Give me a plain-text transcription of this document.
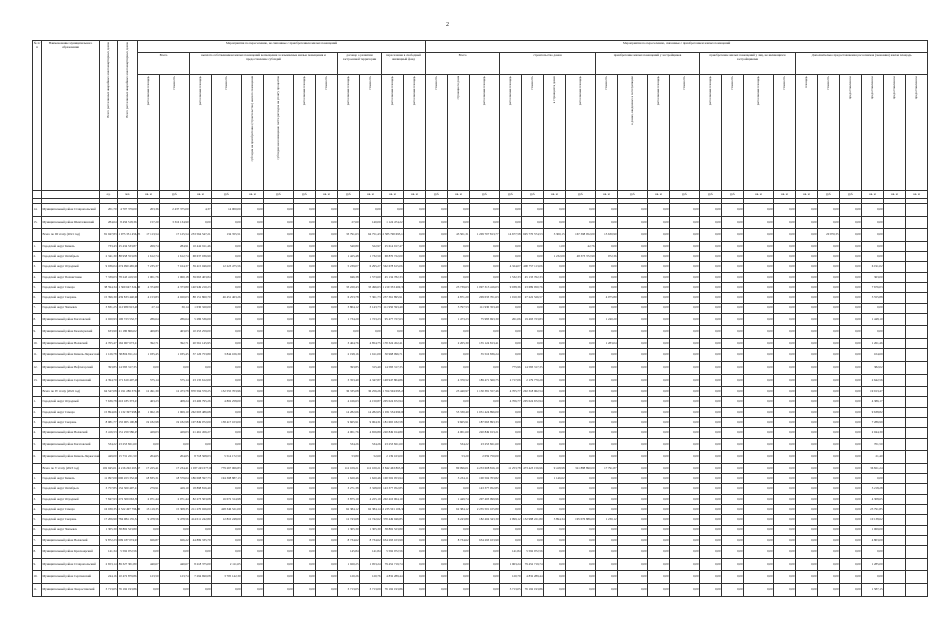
2
№ п/п	Наименование муниципального образования	Всего расселяемых аварийных многоквартирных домов	Всего расселяемых аварийных многоквартирных домов	Мероприятия по переселению, не связанные с приобретением жилых помещений												Мероприятия по переселению, связанные с приобретением жилых помещений																				
				Всего		выплата собственникам жилых помещений возмещения за изымаемые жилые помещения и предоставление субсидий						договор о развитии застроенной территории		переселение в свободный жилищный фонд		Всего			строительство домов				приобретение жилых помещений у застройщиков				приобретение жилых помещений у лиц, не являющихся застройщиками				Дополнительно предоставляемая расселяемая (экономия) жилая площадь					
				расселяемая площадь	стоимость	расселяемая площадь	стоимость	субсидия на приобретение (строительство) жилого помещения	субсидия на возмещение части расходов на уплату процентов	расселяемая площадь	стоимость	расселяемая площадь	стоимость	расселяемая площадь	расселяемая площадь	стоимость	строящиеся дома	расселяемая площадь	расселяемая площадь	стоимость	в строящихся домах	расселяемая площадь	стоимость	в домах, введенных в эксплуатацию	расселяемая площадь	стоимость	расселяемая площадь	стоимость	расселяемая площадь	стоимость	площадь	стоимость	предоставленное	предоставленное	предоставленное	предоставленное
		ед.	чел.	кв. м	руб.	кв. м	руб.	кв. м	руб.	руб.	кв. м	руб.	кв. м	кв. м	кв. м	руб.	кв. м	руб.	руб.	руб.	кв. м	руб.	кв. м	руб.	кв. м	руб.	руб.	руб.	кв. м	кв. м	кв. м	руб.	руб.	кв. м	кв. м	кв. м

14.	Муниципальный район Ставропольский	201,70	4 707 379,00	203,36	2 437 375,00	4,37	14 000,00	0,00	0,00	0,00	0,00	0,00	0,00	0,00	0,00	0,00	0,00	0,00	0,00	0,00	0,00	0,00	0,00	0,00	0,00	0,00	0,00	0,00	0,00	0,00	0,00	0,00	0,00	0,00		
15.	Муниципальный район Шенталинский	284,64	8 456 518,36	157,20	3 316 134,90	0,00	0,00	0,00	0,00	0,00	0,00	27,60	140,00	1 124 474,22	0,00	0,00	0,00	0,00	0,00	0,00	0,00	0,00	0,00	0,00	0,00	0,00	0,00	0,00	0,00	0,00	0,00	0,00	0,00	0,00		
	Всего по III этапу (2021 год)	81 947,83	1 975 351 456,25	17 113,54	17 125,54	253 564 547,21	134 355,51	0,00	0,00	0,00	0,00	33 791,63	64 751,43	2 585 790 693,13	0,00	0,00	43 501,31	1 209 707 813,77	14 677,58	695 770 574,53	3 300,15	167 398 952,00	15 630,90	0,00	0,00	0,00	0,00	0,00	0,00	0,00	0,00	20 970,35	0,00	0,00		
1.	Городской округ Кинель	733,43	25 434 533,87	269,74	284,91	10 442 911,46	0,00	0,00	0,00	0,00	0,00	540,80	522,97	25 614 917,47	0,00	0,00	0,00	0,00	0,00	0,00	1,00	42,76	0,00	0,00	0,00	0,00	0,00	0,00	0,00	0,00	0,00	0,00	0,00	0,00		
2.	Городской округ Октябрьск	2 341,30	88 958 553,08	1 612,74	1 612,74	68 637 036,99	0,00	0,00	0,00	0,00	0,00	1 425,48	1 732,50	68 870 722,00	0,00	0,00	0,00	0,00	0,00	0,00	1 232,09	48 373 372,99	972,36	0,00	0,00	0,00	0,00	0,00	0,00	0,00	0,00	0,00	0,00	0,00		
3.	Городской округ Отрадный	9 936,04	274 990 465,96	7 235,37	7 164,37	59 415 046,00	12 223 475,56	0,00	0,00	0,00	0,00	5 239,07	6 295,27	562 678 615,06	0,00	0,00	0,00	0,00	4 324,07	400 757 113,06	0,00	0,00	0,00	0,00	0,00	0,00	0,00	0,00	0,00	0,00	0,00	0,00	0,00	6 191,02		
4.	Городской округ Похвистнево	7 339,03	78 243 419,59	1 001,76	1 060,18	59 063 403,84	0,00	0,00	0,00	0,00	0,00	946,38	1 573,60	45 134 782,33	0,00	0,00	0,00	0,00	1 532,33	45 133 762,33	0,00	0,00	0,00	0,00	0,00	0,00	0,00	0,00	0,00	0,00	0,00	0,00	0,00	363,00		
5.	Городской округ Самара	38 594,34	1 360 647 324,90	4 374,80	4 373,80	140 949 210,23	0,00	0,00	0,00	0,00	0,00	33 220,43	33 496,63	1 219 353 469,35	0,00	0,00	23 739,63	1 097 313 416,03	9 038,36	23 689 950,76	0,00	0,00	0,00	0,00	0,00	0,00	0,00	0,00	0,00	0,00	0,00	0,00	0,00	7 676,03		
6.	Городской округ Сызрань	15 396,30	439 833 440,90	4 153,83	4 020,03	88 151 860,70	46 451 463,26	0,00	0,00	0,00	0,00	6 253,78	7 361,73	257 361 895,91	0,00	0,00	4 871,20	209 033 701,63	1 010,39	27 222 526,57	0,00	0,00	4 075,80	0,00	0,00	0,00	0,00	0,00	0,00	0,00	0,00	0,00	0,00	3 555,88		
7.	Городской округ Чапаевск	3 831,25	112 980 913,49	27,14	30,14	1 030 320,00	0,00	0,00	0,00	0,00	0,00	3 804,12	3 143,73	111 950 593,49	0,00	0,00	3 797,53	111 930 353,49	0,00	0,00	0,00	0,00	0,00	0,00	0,00	0,00	0,00	0,00	0,00	0,00	0,00	0,00	0,00	0,00		
8.	Муниципальный район Богатовский	2 020,93	100 723 532,73	286,64	286,64	5 286 536,00	0,00	0,00	0,00	0,00	0,00	1 734,29	1 723,23	95 477 727,63	0,00	0,00	1 473,23	75 983 693,30	261,06	19 493 723,83	0,00	0,00	1 240,20	0,00	0,00	0,00	0,00	0,00	0,00	0,00	0,00	0,00	0,00	1 448,10		
9.	Муниципальный район Безенчукский	633,90	21 180 866,02	469,83	463,03	10 253 259,00	0,00	0,00	0,00	0,00	0,00	0,00	0,00	0,00	0,00	0,00	0,00	0,00	0,00	0,00	0,00	0,00	0,00	0,00	0,00	0,00	0,00	0,00	0,00	0,00	0,00	0,00	0,00	0,00		
10.	Муниципальный район Волжский	4 765,47	162 967 673,21	392,71	392,71	20 561 145,95	0,00	0,00	0,00	0,00	0,00	3 464,76	4 854,75	170 324 452,41	0,00	0,00	2 265,30	135 124 813,41	0,00	0,00	0,00	0,00	1 283,04	0,00	0,00	0,00	0,00	0,00	0,00	0,00	0,00	0,00	0,00	1 261,46		
11.	Муниципальный район Кинель-Черкасский	1 126,78	38 804 811,24	1 035,45	1 035,45	37 126 753,80	3 844 106,30	0,00	0,00	0,00	0,00	2 198,16	1 611,09	30 968 996,71	0,00	0,00	0,00	35 516 836,24	0,00	0,00	0,00	0,00	0,00	0,00	0,00	0,00	0,00	0,00	0,00	0,00	0,00	0,00	0,00	104,69		
12.	Муниципальный район Нефтегорский	393,85	14 583 317,35	0,00	0,00	0,00	0,00	0,00	0,00	0,00	0,00	393,85	315,49	14 583 317,35	0,00	0,00	0,00	0,00	775,96	14 583 317,35	0,00	0,00	0,00	0,00	0,00	0,00	0,00	0,00	0,00	0,00	0,00	0,00	0,00	382,02		
13.	Муниципальный район Сергиевский	4 394,70	171 619 407,28	575,14	575,14	23 135 612,00	0,00	0,00	0,00	0,00	0,00	3 353,40	4 347,87	148 947 804,86	0,00	0,00	4 370,52	189 471 560,75	2 717,06	2 179 770,29	0,00	0,00	0,00	0,00	0,00	0,00	0,00	0,00	0,00	0,00	0,00	0,00	0,00	2 642,56		
	Всего по IV этапу (2022 год)	64 547,08	2 191 286 370,33	12 491,39	12 473,78	870 594 570,25	152 555 703,96	0,00	0,00	0,00	0,00	36 335,08	36 256,26	1 354 504 095,22	0,00	0,00	23 440,97	1 130 381 557,46	4 705,77	202 318 962,54	0,00	0,00	0,00	0,00	0,00	0,00	0,00	0,00	0,00	0,00	0,00	0,00	0,00	19 913,47		
1.	Городской округ Отрадный	7 636,78	210 185 373,23	463,23	408,24	23 406 795,26	4 802 258,00	0,00	0,00	0,00	0,00	4 166,63	4 150,87	205 024 672,94	0,00	0,00	0,00	0,00	4 706,77	205 024 672,94	0,00	0,00	0,00	0,00	0,00	0,00	0,00	0,00	0,00	0,00	0,00	0,00	0,00	4 386,17		
2.	Городской округ Самара	15 894,66	1 132 397 998,93	1 962,18	1 969,10	262 003 486,68	0,00	0,00	0,00	0,00	0,00	14 282,66	14 282,65	1 031 554 690,00	0,00	0,00	55 330,40	1 031 424 896,00	0,00	0,00	0,00	0,00	0,00	0,00	0,00	0,00	0,00	0,00	0,00	0,00	0,00	0,00	0,00	9 638,82		
3.	Городской округ Сызрань	8 981,77	155 905 100,88	19 182,98	19 182,98	107 849 072,00	158 417 103,00	0,00	0,00	0,00	0,00	9 665,91	9 064,31	181 665 182,58	0,00	0,00	9 665,91	187 063 893,33	0,00	0,00	0,00	0,00	0,00	0,00	0,00	0,00	0,00	0,00	0,00	0,00	0,00	0,00	0,00	7 286,99		
4.	Муниципальный район Волжский	3 416,53	151 259 586,25	429,03	429,03	21 461 456,27	0,00	0,00	0,00	0,00	0,00	4 001,76	4 656,89	220 849 914,80	0,00	0,00	4 001,60	220 849 913,21	0,00	0,00	0,00	0,00	0,00	0,00	0,00	0,00	0,00	0,00	0,00	0,00	0,00	0,00	0,00	2 044,30		
5.	Муниципальный район Богатовский	534,22	23 253 821,60	0,00	0,00	0,00	0,00	0,00	0,00	0,00	0,00	534,26	534,26	23 253 821,60	0,00	0,00	534,22	23 253 821,60	0,00	0,00	0,00	0,00	0,00	0,00	0,00	0,00	0,00	0,00	0,00	0,00	0,00	0,00	0,00	701,50		
6.	Муниципальный район Кинель-Черкасский	449,00	15 731 221,50	204,65	204,65	8 718 568,03	5 514 172,50	0,00	0,00	0,00	0,00	53,80	52,60	2 139 163,00	0,00	0,00	53,20	2 059 750,00	0,00	0,00	0,00	0,00	0,00	0,00	0,00	0,00	0,00	0,00	0,00	0,00	0,00	0,00	0,00	21,40		
	Всего по V этапу (2023 год)	102 945,01	4 216 292 263,57	17 225,41	17 234,41	1 037 245 077,00	779 267 066,83	0,00	0,00	0,00	0,00	112 109,21	112 100,21	3 842 463 863,00	0,00	0,00	80 096,01	4 233 608 816,19	11 253,78	473 423 156,96	9 418,98	321 888 890,00	17 791,87	0,00	0,00	0,00	0,00	0,00	0,00	0,00	0,00	0,00	0,00	36 821,24		
1.	Городской округ Кинель	11 097,09	690 453 352,90	18 835,31	18 579,04	186 008 597,73	194 308 887,13	0,00	0,00	0,00	0,00	1 620,46	1 620,46	100 502 053,94	0,00	0,00	3 234,11	100 504 703,82	0,00	0,00	1 146,62	0,00	0,00	0,00	0,00	0,00	0,00	0,00	0,00	0,00	0,00	0,00	0,00	0,00		
2.	Городской округ Октябрьск	3 757,85	152 300 497,21	279,91	429,10	18 898 816,49	0,00	0,00	0,00	0,00	0,00	3 271,38	3 328,00	143 377 052,85	0,00	0,00	0,00	143 377 052,85	0,00	0,00	0,00	0,00	0,00	0,00	0,00	0,00	0,00	0,00	0,00	0,00	0,00	0,00	0,00	3 218,28		
3.	Городской округ Отрадный	7 847,93	272 309 063,58	2 071,44	2 071,44	82 273 503,08	16 072 314,98	0,00	0,00	0,00	0,00	3 875,19	4 225,19	202 410 064,10	0,00	0,00	1 449,74	207 403 999,96	0,00	0,00	0,00	0,00	0,00	0,00	0,00	0,00	0,00	0,00	0,00	0,00	0,00	0,00	0,00	4 308,65		
4.	Городской округ Самара	16 930,35	2 522 497 796,80	13 119,35	15 308,35	211 270 026,00	428 346 521,00	0,00	0,00	0,00	0,00	62 384,12	62 384,14	2 235 501 106,38	0,00	0,00	62 384,12	2 235 501 105,80	0,00	0,00	0,00	0,00	0,00	0,00	0,00	0,00	0,00	0,00	0,00	0,00	0,00	0,00	0,00	23 791,85		
5.	Городской округ Сызрань	17 206,99	784 084 135,34	9 478,56	9 478,56	414 011 242,80	12 810 248,00	0,00	0,00	0,00	0,00	12 743,68	12 742,62	370 449 946,85	0,00	0,00	6 243,89	182 404 343,30	2 999,12	152 988 221,80	3 894,34	195 076 886,00	1 230,12	0,00	0,00	0,00	0,00	0,00	0,00	0,00	0,00	0,00	0,00	10 138,62		
6.	Городской округ Чапаевск	1 305,30	38 802 523,80	0,00	0,00	0,00	0,00	0,00	0,00	0,00	0,00	1 305,30	1 305,30	38 802 523,80	0,00	0,00	0,00	0,00	0,00	0,00	0,00	0,00	0,00	0,00	0,00	0,00	0,00	0,00	0,00	0,00	0,00	0,00	0,00	1 069,00		
7.	Муниципальный район Волжский	9 872,23	699 187 074,93	926,87	926,22	44 899 335,70	0,00	0,00	0,00	0,00	0,00	8 734,62	8 734,62	654 293 103,99	0,00	0,00	8 734,62	654 293 103,99	0,00	0,00	0,00	0,00	0,00	0,00	0,00	0,00	0,00	0,00	0,00	0,00	0,00	0,00	0,00	4 803,00		
8.	Муниципальный район Красноярский	141,34	5 592 972,56	0,00	0,00	0,00	0,00	0,00	0,00	0,00	0,00	145,84	141,84	5 592 972,56	0,00	0,00	0,00	0,00	141,84	5 592 972,56	0,00	0,00	0,00	0,00	0,00	0,00	0,00	0,00	0,00	0,00	0,00	0,00	0,00	0,00		
9.	Муниципальный район Ставропольский	2 653,14	89 327 301,80	440,67	440,67	8 218 375,00	2 111,65	0,00	0,00	0,00	0,00	1 920,25	1 953,24	79 452 719,74	0,00	0,00	0,00	0,00	1 963,24	79 452 719,74	0,00	0,00	0,00	0,00	0,00	0,00	0,00	0,00	0,00	0,00	0,00	0,00	0,00	1 285,00		
10.	Муниципальный район Сергиевский	244,16	10 472 879,86	123,50	123,74	7 294 690,08	3 705 142,30	0,00	0,00	0,00	0,00	120,26	120,76	4 832 289,44	0,00	0,00	0,00	0,00	120,79	4 832 289,44	0,00	0,00	0,00	0,00	0,00	0,00	0,00	0,00	0,00	0,00	0,00	0,00	0,00	0,00		
11.	Муниципальный район Хворостянский	3 713,05	76 192 193,86	0,00	0,00	0,00	0,00	0,00	0,00	0,00	0,00	3 713,05	3 713,09	76 192 193,86	0,00	0,00	0,00	0,00	3 713,05	76 192 193,86	0,00	0,00	0,00	0,00	0,00	0,00	0,00	0,00	0,00	0,00	0,00	0,00	0,00	1 587,15		
